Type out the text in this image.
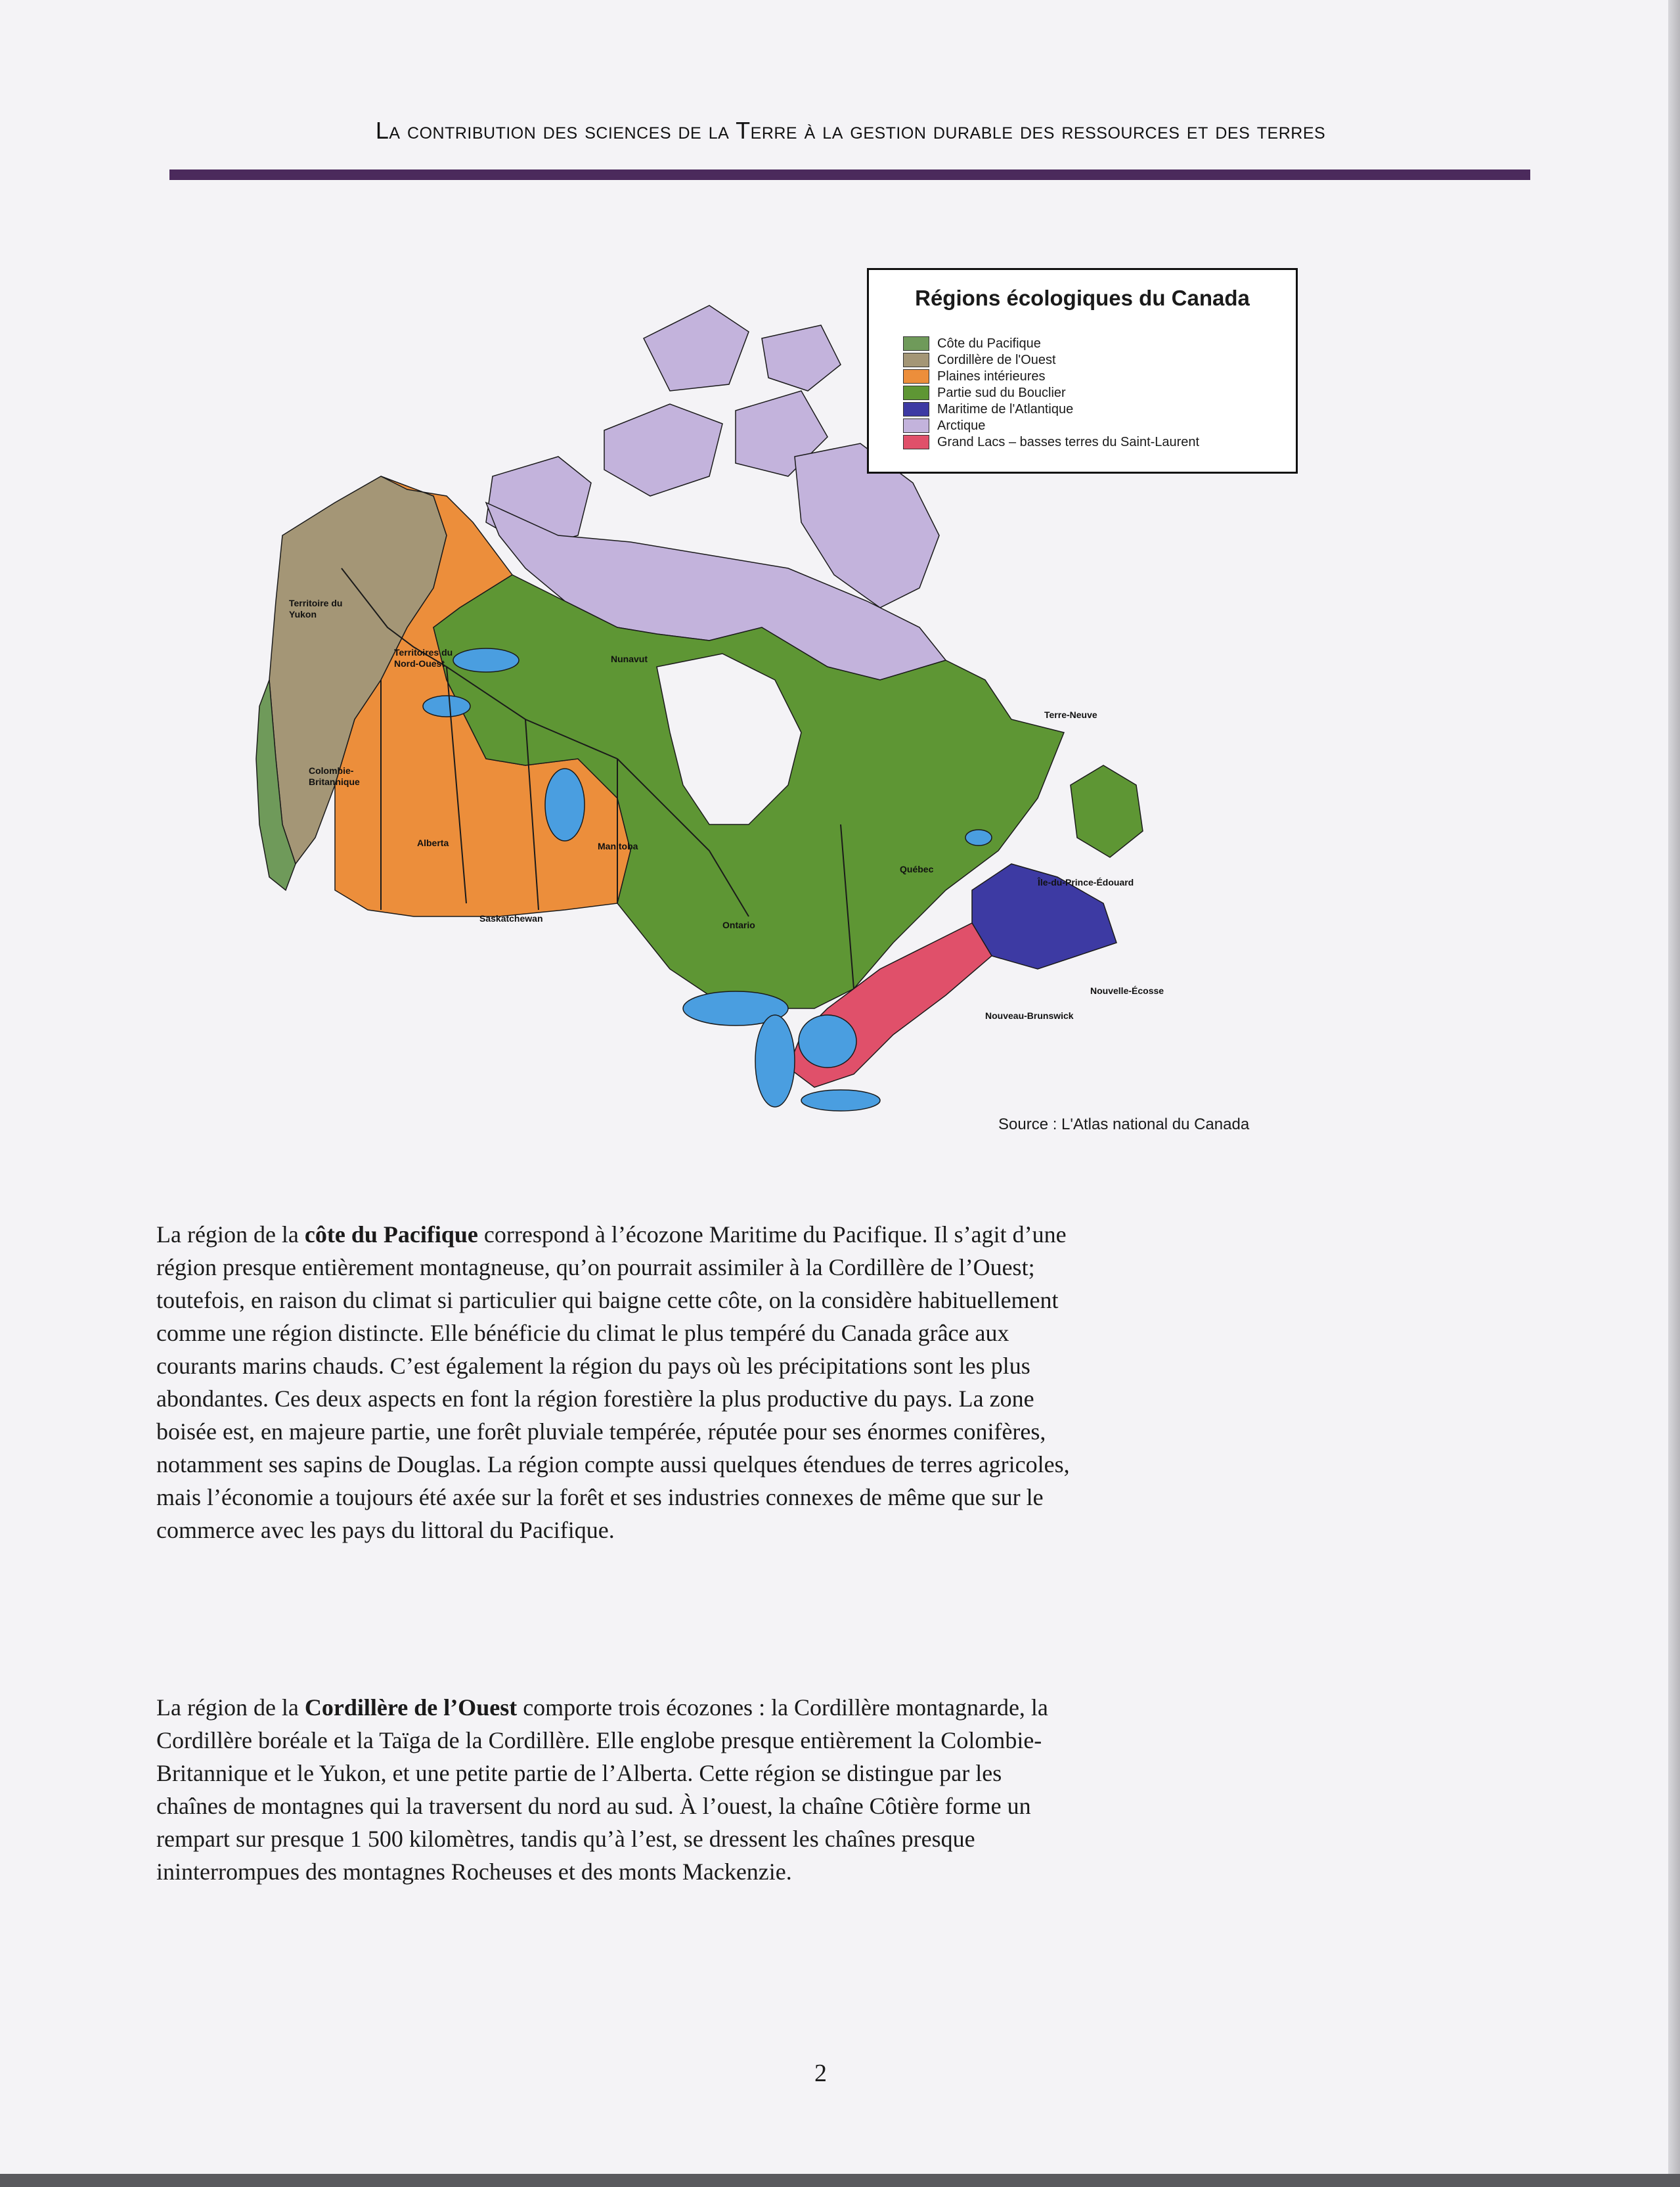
La contribution des sciences de la Terre à la gestion durable des ressources et des terres
Régions écologiques du Canada
Côte du Pacifique
Cordillère de l'Ouest
Plaines intérieures
Partie sud du Bouclier
Maritime de l'Atlantique
Arctique
Grand Lacs – basses terres du Saint-Laurent
Territoire du Yukon
Territoires du Nord-Ouest	Nunavut
Colombie-Britannique
Alberta
Saskatchewan
Manitoba
Ontario
Québec
Terre-Neuve
Île-du-Prince-Édouard
Nouvelle-Écosse
Nouveau-Brunswick
Source : L'Atlas national du Canada

La région de la côte du Pacifique correspond à l’écozone Maritime du Pacifique. Il s’agit d’une région presque entièrement montagneuse, qu’on pourrait assimiler à la Cordillère de l’Ouest; toutefois, en raison du climat si particulier qui baigne cette côte, on la considère habituellement comme une région distincte. Elle bénéficie du climat le plus tempéré du Canada grâce aux courants marins chauds. C’est également la région du pays où les précipitations sont les plus abondantes. Ces deux aspects en font la région forestière la plus productive du pays. La zone boisée est, en majeure partie, une forêt pluviale tempérée, réputée pour ses énormes conifères, notamment ses sapins de Douglas. La région compte aussi quelques étendues de terres agricoles, mais l’économie a toujours été axée sur la forêt et ses industries connexes de même que sur le commerce avec les pays du littoral du Pacifique.

La région de la Cordillère de l’Ouest comporte trois écozones : la Cordillère montagnarde, la Cordillère boréale et la Taïga de la Cordillère. Elle englobe presque entièrement la Colombie-Britannique et le Yukon, et une petite partie de l’Alberta. Cette région se distingue par les chaînes de montagnes qui la traversent du nord au sud. À l’ouest, la chaîne Côtière forme un rempart sur presque 1 500 kilomètres, tandis qu’à l’est, se dressent les chaînes presque ininterrompues des montagnes Rocheuses et des monts Mackenzie.

2
